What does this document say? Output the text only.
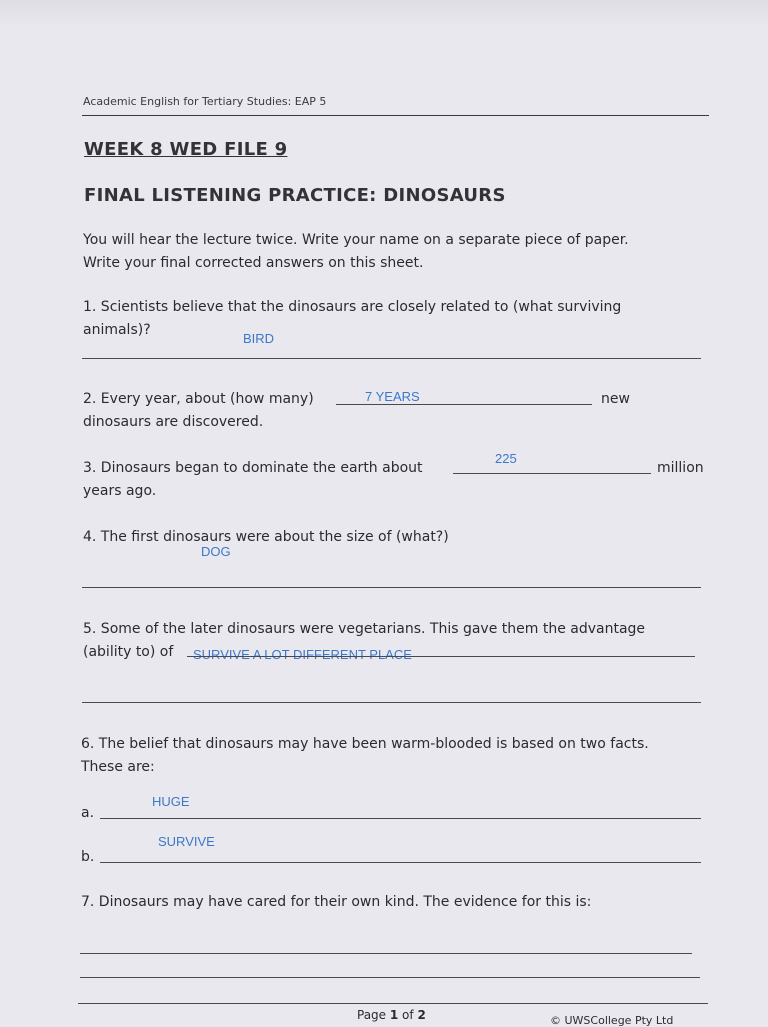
Academic English for Tertiary Studies: EAP 5
WEEK 8 WED FILE 9
FINAL LISTENING PRACTICE: DINOSAURS
You will hear the lecture twice. Write your name on a separate piece of paper.
Write your final corrected answers on this sheet.
1. Scientists believe that the dinosaurs are closely related to (what surviving
animals)?
BIRD
2. Every year, about (how many)	7 YEARS	new
dinosaurs are discovered.
3. Dinosaurs began to dominate the earth about
225
million
years ago.
4. The first dinosaurs were about the size of (what?)
DOG
5. Some of the later dinosaurs were vegetarians. This gave them the advantage
(ability to) of SURVIVE A LOT DIFFERENT PLACE
6. The belief that dinosaurs may have been warm-blooded is based on two facts.
These are:
HUGE
a.
SURVIVE
b.
7. Dinosaurs may have cared for their own kind. The evidence for this is:
Page 1 of 2	© UWSCollege Pty Ltd
